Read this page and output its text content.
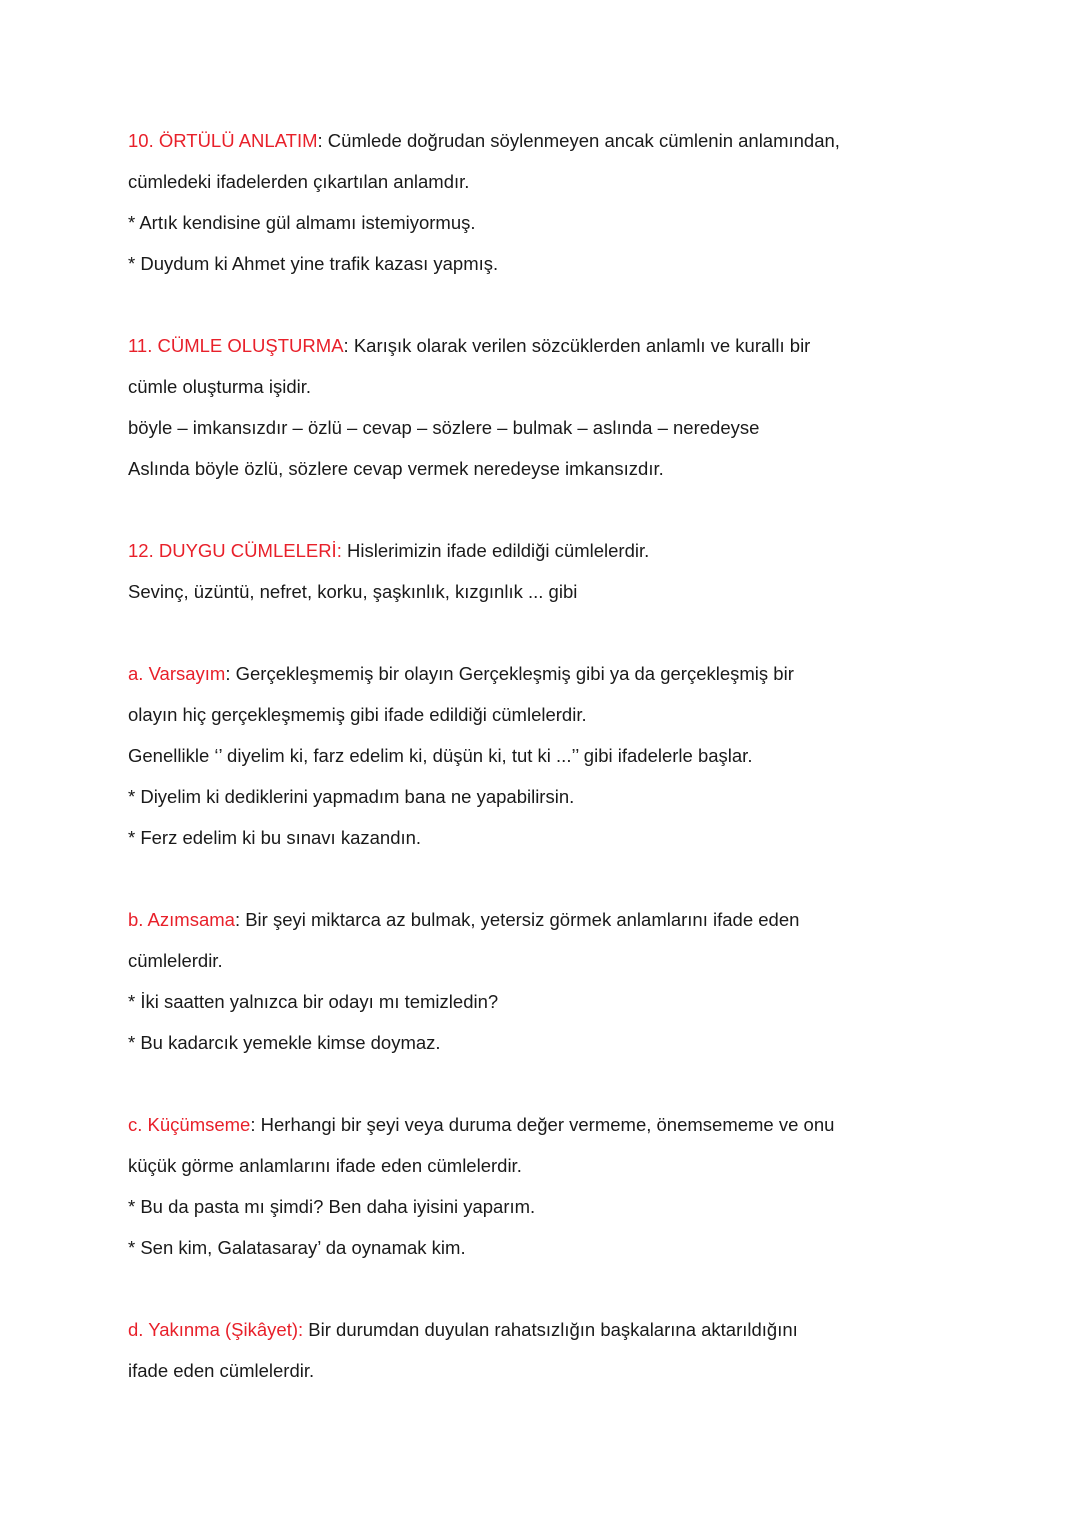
10. ÖRTÜLÜ ANLATIM: Cümlede doğrudan söylenmeyen ancak cümlenin anlamından,
cümledeki ifadelerden çıkartılan anlamdır.
* Artık kendisine gül almamı istemiyormuş.
* Duydum ki Ahmet yine trafik kazası yapmış.
11. CÜMLE OLUŞTURMA: Karışık olarak verilen sözcüklerden anlamlı ve kurallı bir
cümle oluşturma işidir.
böyle – imkansızdır – özlü – cevap – sözlere – bulmak – aslında – neredeyse
Aslında böyle özlü, sözlere cevap vermek neredeyse imkansızdır.
12. DUYGU CÜMLELERİ: Hislerimizin ifade edildiği cümlelerdir.
Sevinç, üzüntü, nefret, korku, şaşkınlık, kızgınlık ... gibi
a. Varsayım: Gerçekleşmemiş bir olayın Gerçekleşmiş gibi ya da gerçekleşmiş bir
olayın hiç gerçekleşmemiş gibi ifade edildiği cümlelerdir.
Genellikle ‘’ diyelim ki, farz edelim ki, düşün ki, tut ki ...’’ gibi ifadelerle başlar.
* Diyelim ki dediklerini yapmadım bana ne yapabilirsin.
* Ferz edelim ki bu sınavı kazandın.
b. Azımsama: Bir şeyi miktarca az bulmak, yetersiz görmek anlamlarını ifade eden
cümlelerdir.
* İki saatten yalnızca bir odayı mı temizledin?
* Bu kadarcık yemekle kimse doymaz.
c. Küçümseme: Herhangi bir şeyi veya duruma değer vermeme, önemsememe ve onu
küçük görme anlamlarını ifade eden cümlelerdir.
* Bu da pasta mı şimdi? Ben daha iyisini yaparım.
* Sen kim, Galatasaray’ da oynamak kim.
d. Yakınma (Şikâyet): Bir durumdan duyulan rahatsızlığın başkalarına aktarıldığını
ifade eden cümlelerdir.
